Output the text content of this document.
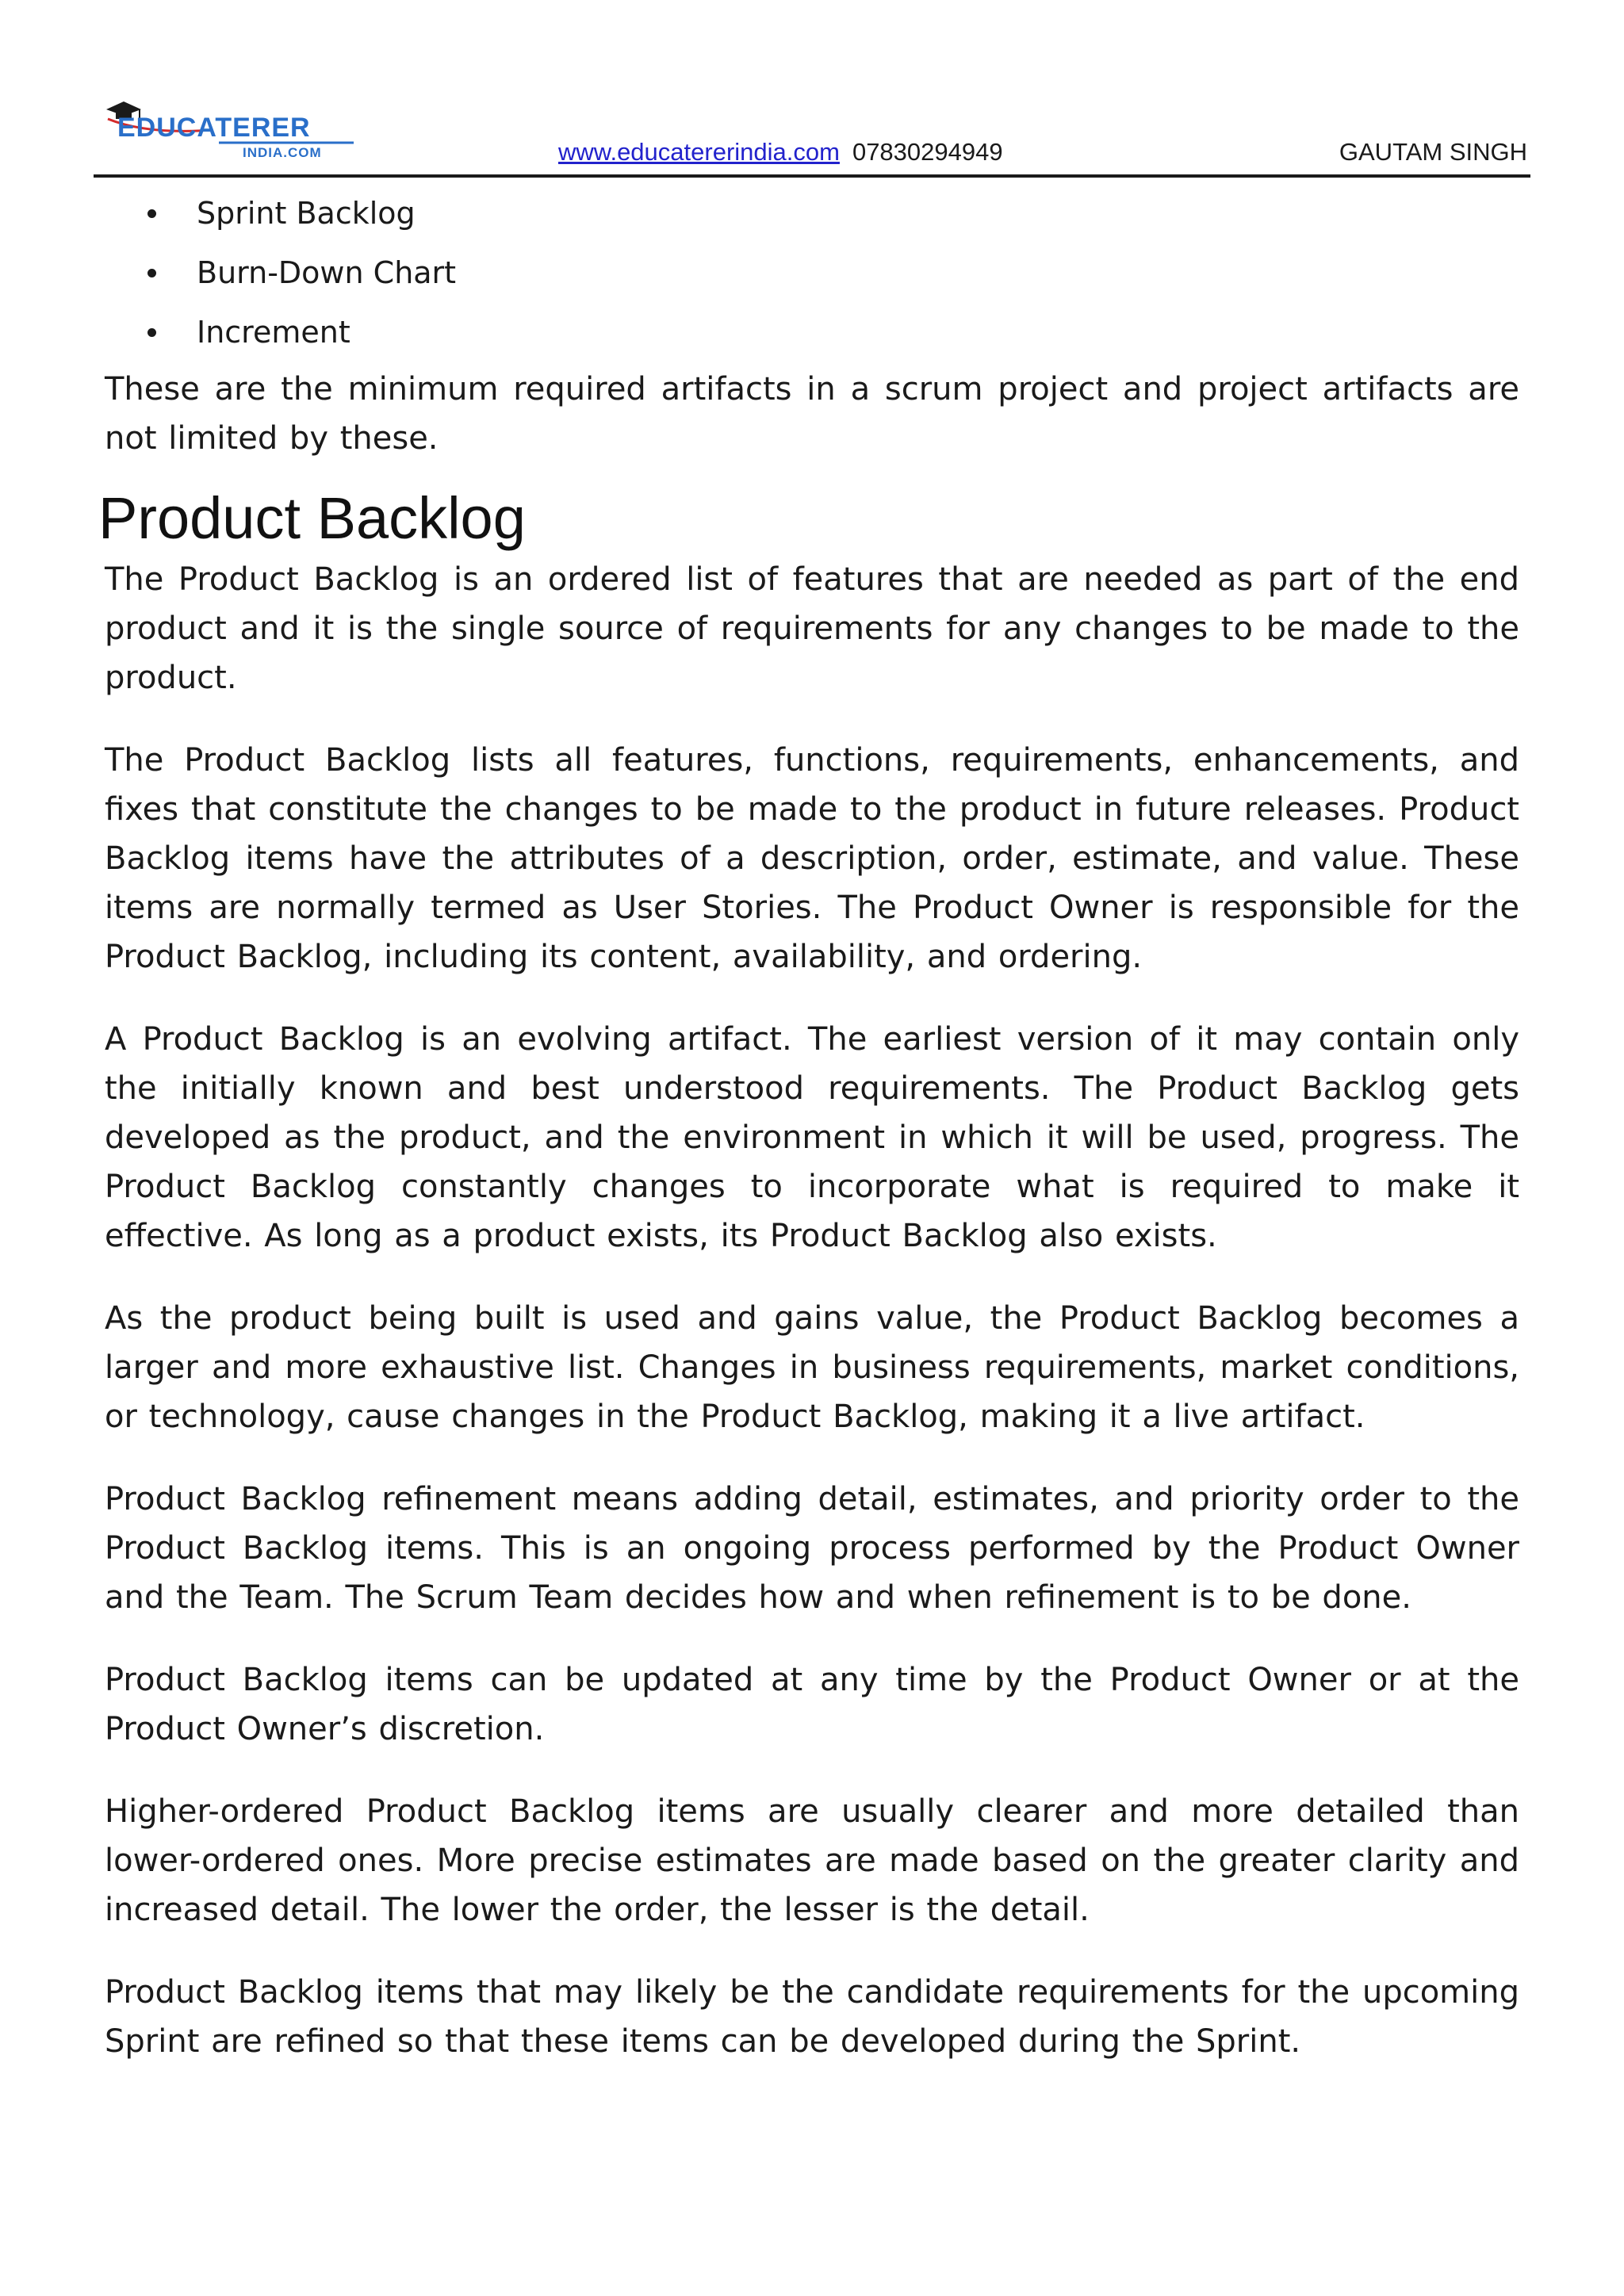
EDUCATERER
INDIA.COM	www.educatererindia.com 07830294949	GAUTAM SINGH
Sprint Backlog
Burn-Down Chart
Increment

These are the minimum required artifacts in a scrum project and project artifacts are not limited by these.

Product Backlog

The Product Backlog is an ordered list of features that are needed as part of the end product and it is the single source of requirements for any changes to be made to the product.

The Product Backlog lists all features, functions, requirements, enhancements, and fixes that constitute the changes to be made to the product in future releases. Product Backlog items have the attributes of a description, order, estimate, and value. These items are normally termed as User Stories. The Product Owner is responsible for the Product Backlog, including its content, availability, and ordering.

A Product Backlog is an evolving artifact. The earliest version of it may contain only the initially known and best understood requirements. The Product Backlog gets developed as the product, and the environment in which it will be used, progress. The Product Backlog constantly changes to incorporate what is required to make it effective. As long as a product exists, its Product Backlog also exists.

As the product being built is used and gains value, the Product Backlog becomes a larger and more exhaustive list. Changes in business requirements, market conditions, or technology, cause changes in the Product Backlog, making it a live artifact.

Product Backlog refinement means adding detail, estimates, and priority order to the Product Backlog items. This is an ongoing process performed by the Product Owner and the Team. The Scrum Team decides how and when refinement is to be done.

Product Backlog items can be updated at any time by the Product Owner or at the Product Owner’s discretion.

Higher-ordered Product Backlog items are usually clearer and more detailed than lower-ordered ones. More precise estimates are made based on the greater clarity and increased detail. The lower the order, the lesser is the detail.

Product Backlog items that may likely be the candidate requirements for the upcoming Sprint are refined so that these items can be developed during the Sprint.
